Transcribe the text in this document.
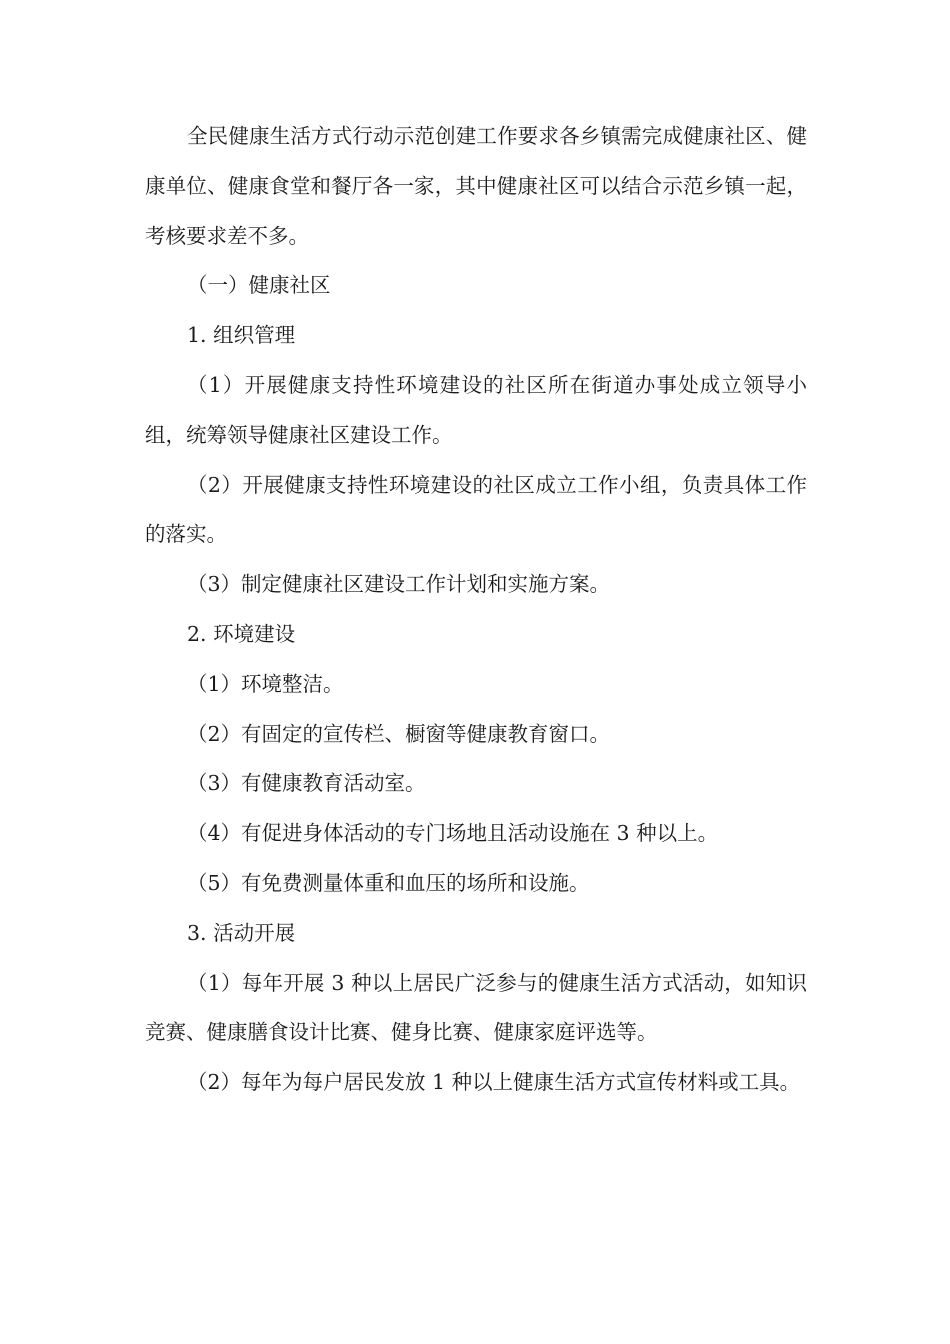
全民健康生活方式行动示范创建工作要求各乡镇需完成健康社区、健康单位、健康食堂和餐厅各一家，其中健康社区可以结合示范乡镇一起，考核要求差不多。

（一）健康社区

1. 组织管理

（1）开展健康支持性环境建设的社区所在街道办事处成立领导小组，统筹领导健康社区建设工作。

（2）开展健康支持性环境建设的社区成立工作小组，负责具体工作的落实。

（3）制定健康社区建设工作计划和实施方案。

2. 环境建设

（1）环境整洁。

（2）有固定的宣传栏、橱窗等健康教育窗口。

（3）有健康教育活动室。

（4）有促进身体活动的专门场地且活动设施在 3 种以上。

（5）有免费测量体重和血压的场所和设施。

3. 活动开展

（1）每年开展 3 种以上居民广泛参与的健康生活方式活动，如知识竞赛、健康膳食设计比赛、健身比赛、健康家庭评选等。

（2）每年为每户居民发放 1 种以上健康生活方式宣传材料或工具。
